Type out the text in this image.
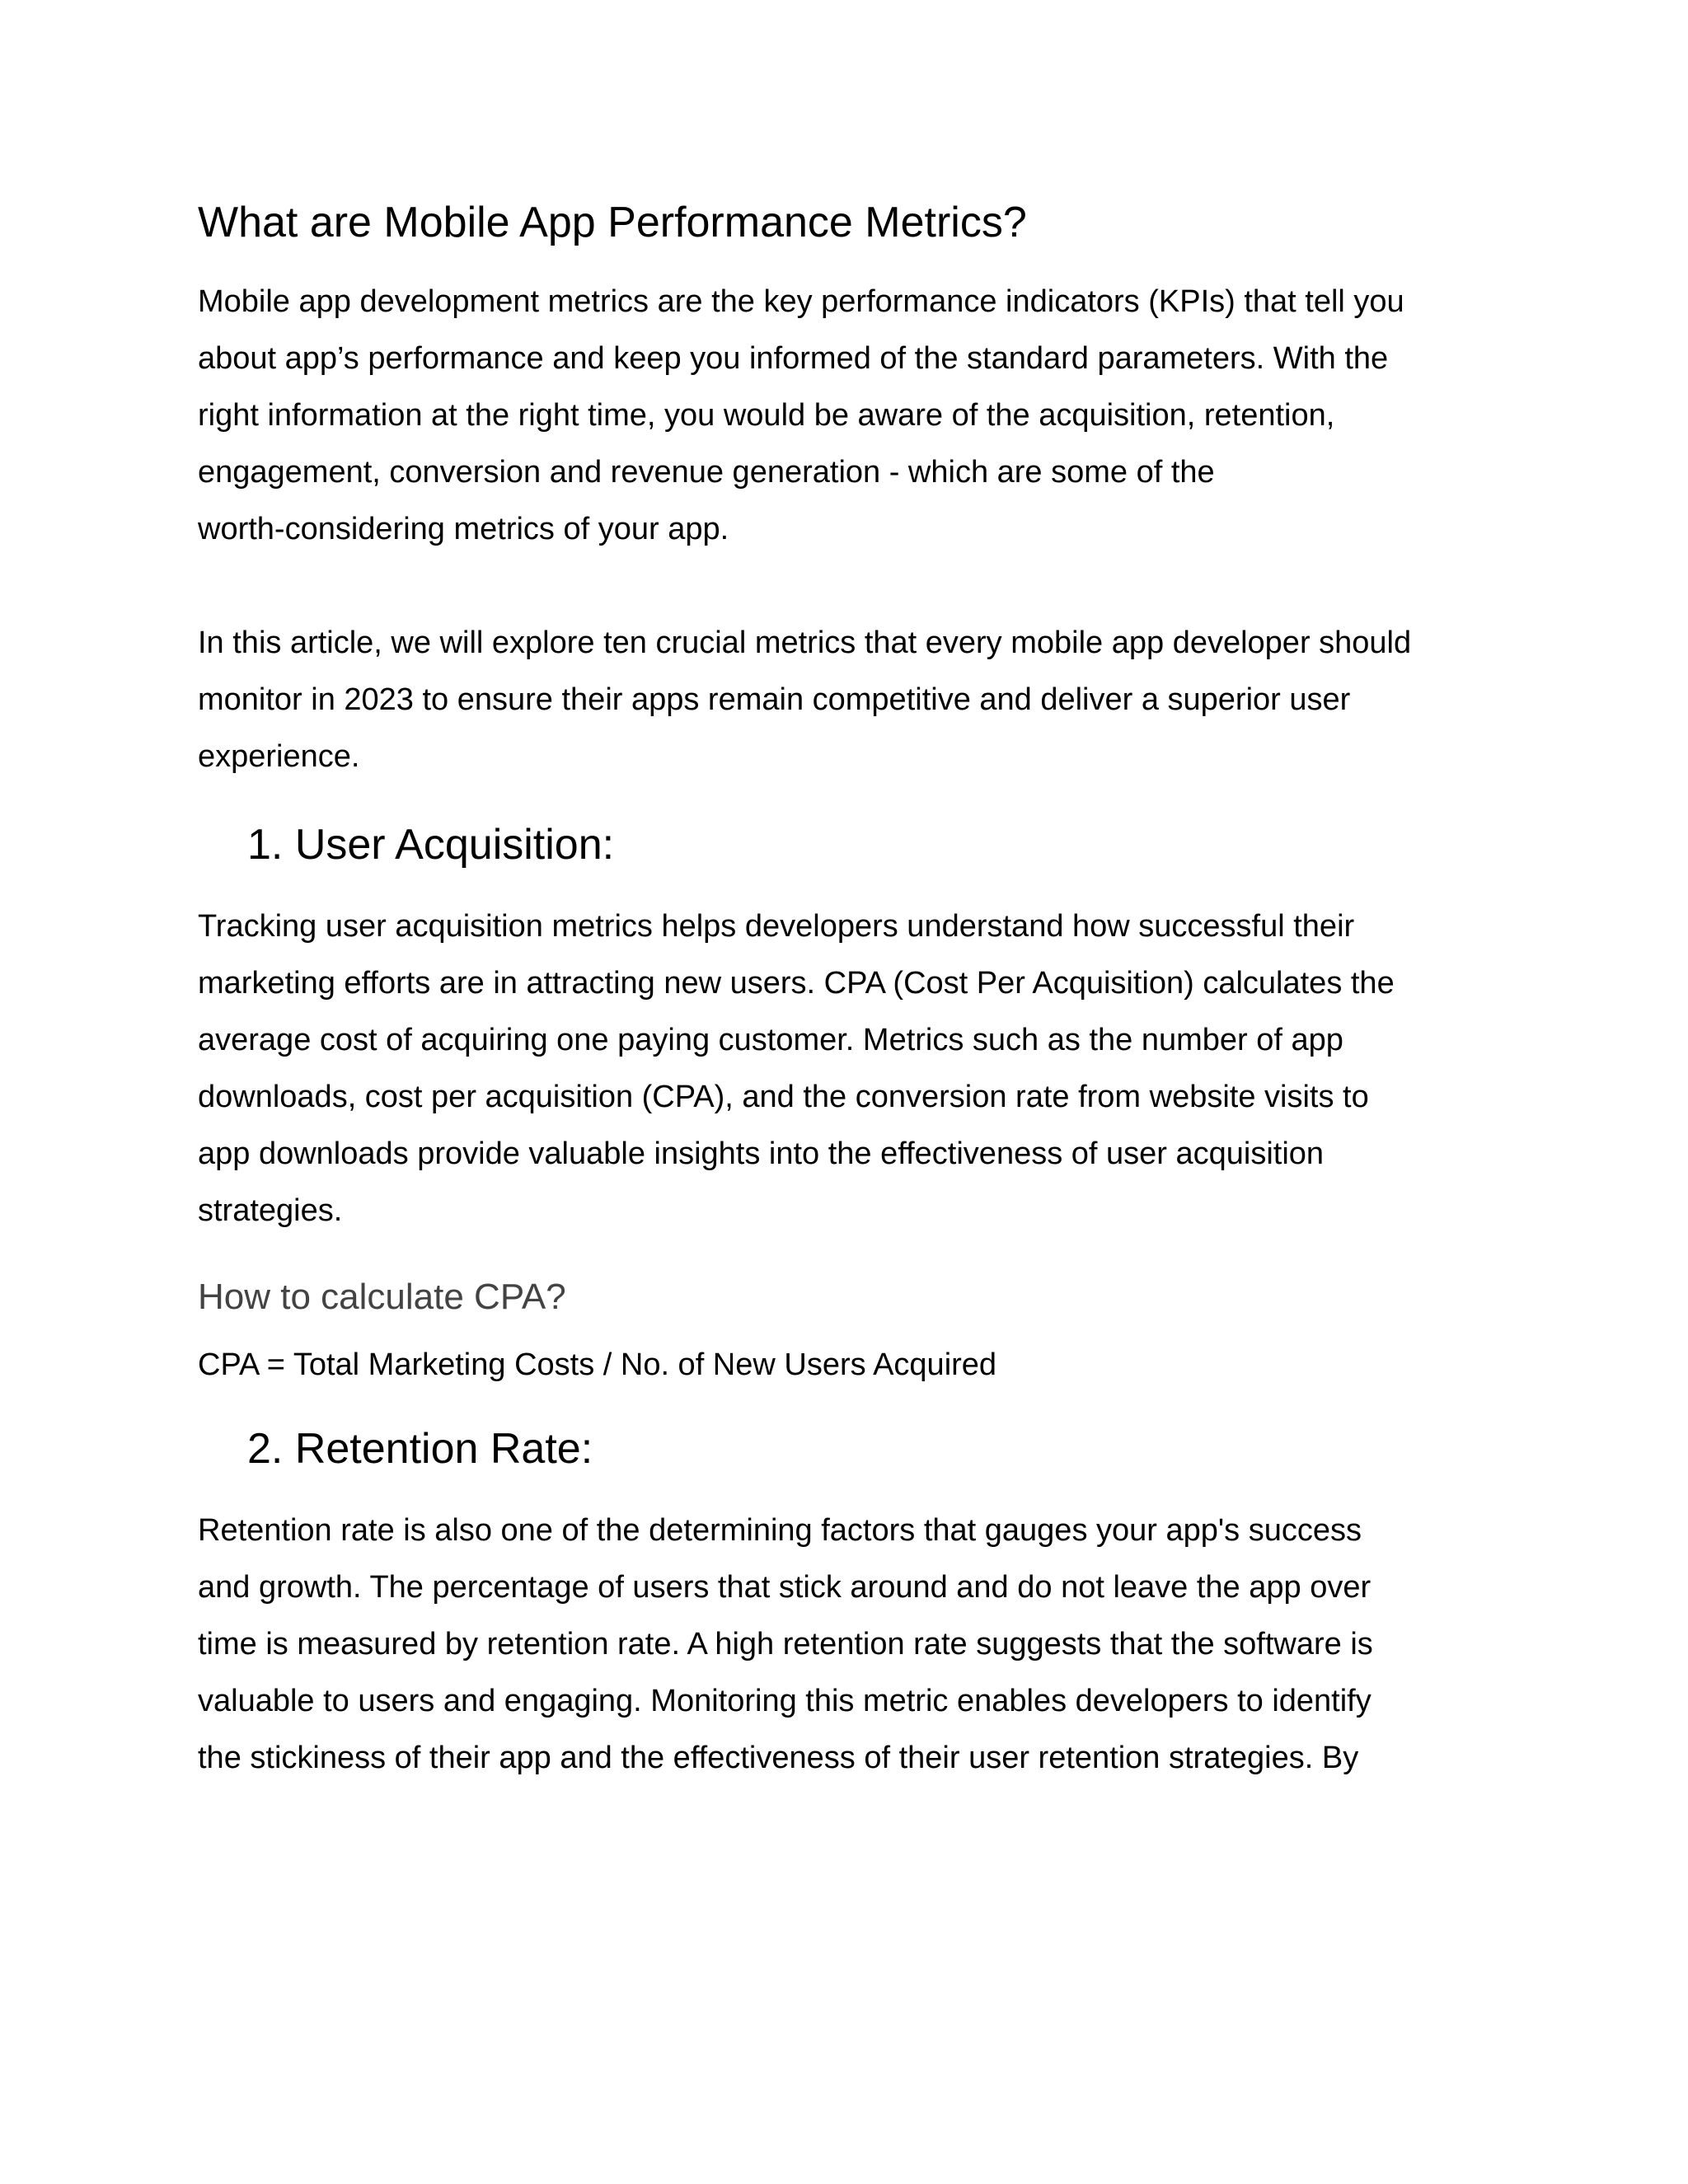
What are Mobile App Performance Metrics?

Mobile app development metrics are the key performance indicators (KPIs) that tell you
about app’s performance and keep you informed of the standard parameters. With the
right information at the right time, you would be aware of the acquisition, retention,
engagement, conversion and revenue generation - which are some of the
worth-considering metrics of your app.

In this article, we will explore ten crucial metrics that every mobile app developer should
monitor in 2023 to ensure their apps remain competitive and deliver a superior user
experience.

1. User Acquisition:

Tracking user acquisition metrics helps developers understand how successful their
marketing efforts are in attracting new users. CPA (Cost Per Acquisition) calculates the
average cost of acquiring one paying customer. Metrics such as the number of app
downloads, cost per acquisition (CPA), and the conversion rate from website visits to
app downloads provide valuable insights into the effectiveness of user acquisition
strategies.

How to calculate CPA?

CPA = Total Marketing Costs / No. of New Users Acquired

2. Retention Rate:

Retention rate is also one of the determining factors that gauges your app's success
and growth. The percentage of users that stick around and do not leave the app over
time is measured by retention rate. A high retention rate suggests that the software is
valuable to users and engaging. Monitoring this metric enables developers to identify
the stickiness of their app and the effectiveness of their user retention strategies. By
